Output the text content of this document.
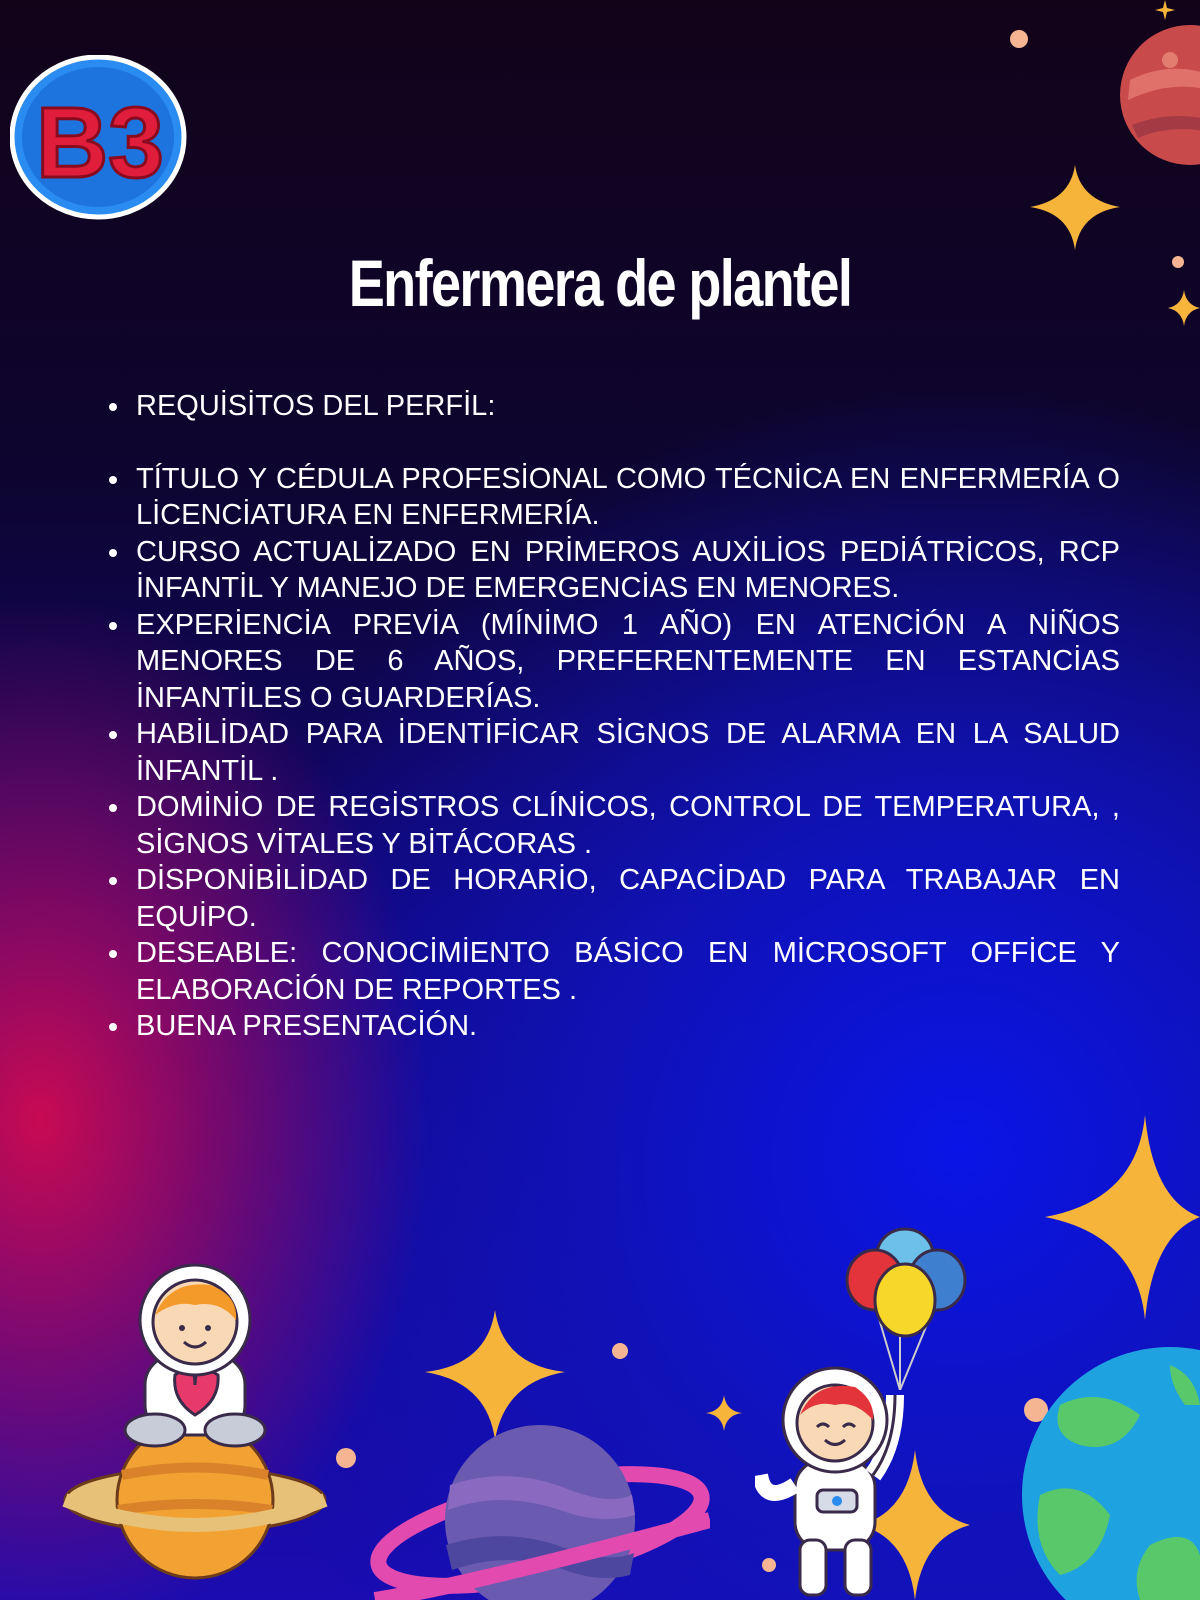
B3
Enfermera de plantel
REQUİSİTOS DEL PERFİL:
TÍTULO Y CÉDULA PROFESİONAL COMO TÉCNİCA EN ENFERMERÍA O LİCENCİATURA EN ENFERMERÍA.
CURSO ACTUALİZADO EN PRİMEROS AUXİLİOS PEDİÁTRİCOS, RCP İNFANTİL Y MANEJO DE EMERGENCİAS EN MENORES.
EXPERİENCİA PREVİA (MÍNİMO 1 AÑO) EN ATENCİÓN A NİÑOS MENORES DE 6 AÑOS, PREFERENTEMENTE EN ESTANCİAS İNFANTİLES O GUARDERÍAS.
HABİLİDAD PARA İDENTİFİCAR SİGNOS DE ALARMA EN LA SALUD İNFANTİL .
DOMİNİO DE REGİSTROS CLÍNİCOS, CONTROL DE TEMPERATURA, , SİGNOS VİTALES Y BİTÁCORAS .
DİSPONİBİLİDAD DE HORARİO, CAPACİDAD PARA TRABAJAR EN EQUİPO.
DESEABLE: CONOCİMİENTO BÁSİCO EN MİCROSOFT OFFİCE Y ELABORACİÓN DE REPORTES .
BUENA PRESENTACİÓN.
